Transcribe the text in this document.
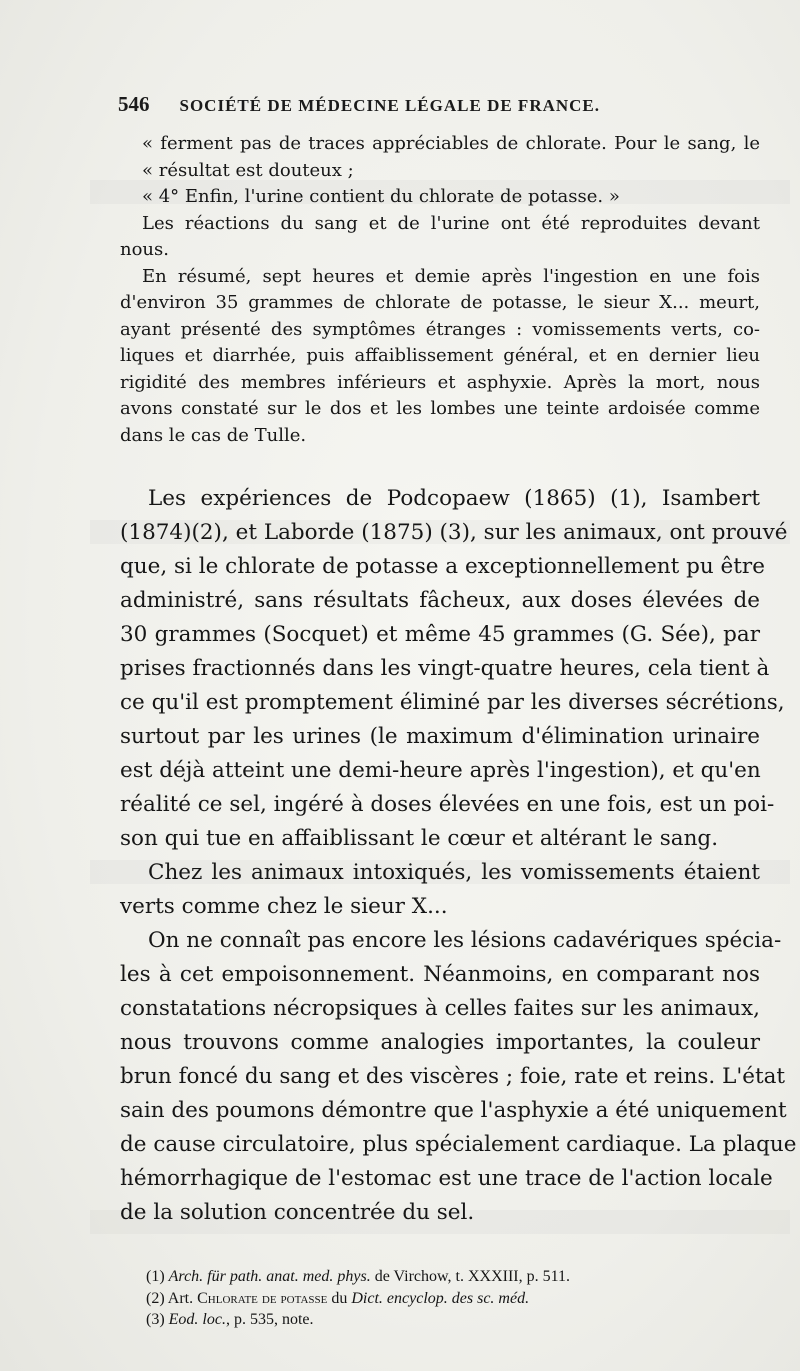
546 SOCIÉTÉ DE MÉDECINE LÉGALE DE FRANCE.
« ferment pas de traces appréciables de chlorate. Pour le sang, le
« résultat est douteux ;
« 4° Enfin, l'urine contient du chlorate de potasse. »
Les réactions du sang et de l'urine ont été reproduites devant
nous.
En résumé, sept heures et demie après l'ingestion en une fois
d'environ 35 grammes de chlorate de potasse, le sieur X... meurt,
ayant présenté des symptômes étranges : vomissements verts, co-
liques et diarrhée, puis affaiblissement général, et en dernier lieu
rigidité des membres inférieurs et asphyxie. Après la mort, nous
avons constaté sur le dos et les lombes une teinte ardoisée comme
dans le cas de Tulle.
Les expériences de Podcopaew (1865) (1), Isambert
(1874)(2), et Laborde (1875) (3), sur les animaux, ont prouvé
que, si le chlorate de potasse a exceptionnellement pu être
administré, sans résultats fâcheux, aux doses élevées de
30 grammes (Socquet) et même 45 grammes (G. Sée), par
prises fractionnés dans les vingt-quatre heures, cela tient à
ce qu'il est promptement éliminé par les diverses sécrétions,
surtout par les urines (le maximum d'élimination urinaire
est déjà atteint une demi-heure après l'ingestion), et qu'en
réalité ce sel, ingéré à doses élevées en une fois, est un poi-
son qui tue en affaiblissant le cœur et altérant le sang.
Chez les animaux intoxiqués, les vomissements étaient
verts comme chez le sieur X...
On ne connaît pas encore les lésions cadavériques spécia-
les à cet empoisonnement. Néanmoins, en comparant nos
constatations nécropsiques à celles faites sur les animaux,
nous trouvons comme analogies importantes, la couleur
brun foncé du sang et des viscères ; foie, rate et reins. L'état
sain des poumons démontre que l'asphyxie a été uniquement
de cause circulatoire, plus spécialement cardiaque. La plaque
hémorrhagique de l'estomac est une trace de l'action locale
de la solution concentrée du sel.
(1) Arch. für path. anat. med. phys. de Virchow, t. XXXIII, p. 511.
(2) Art. Chlorate de potasse du Dict. encyclop. des sc. méd.
(3) Eod. loc., p. 535, note.
